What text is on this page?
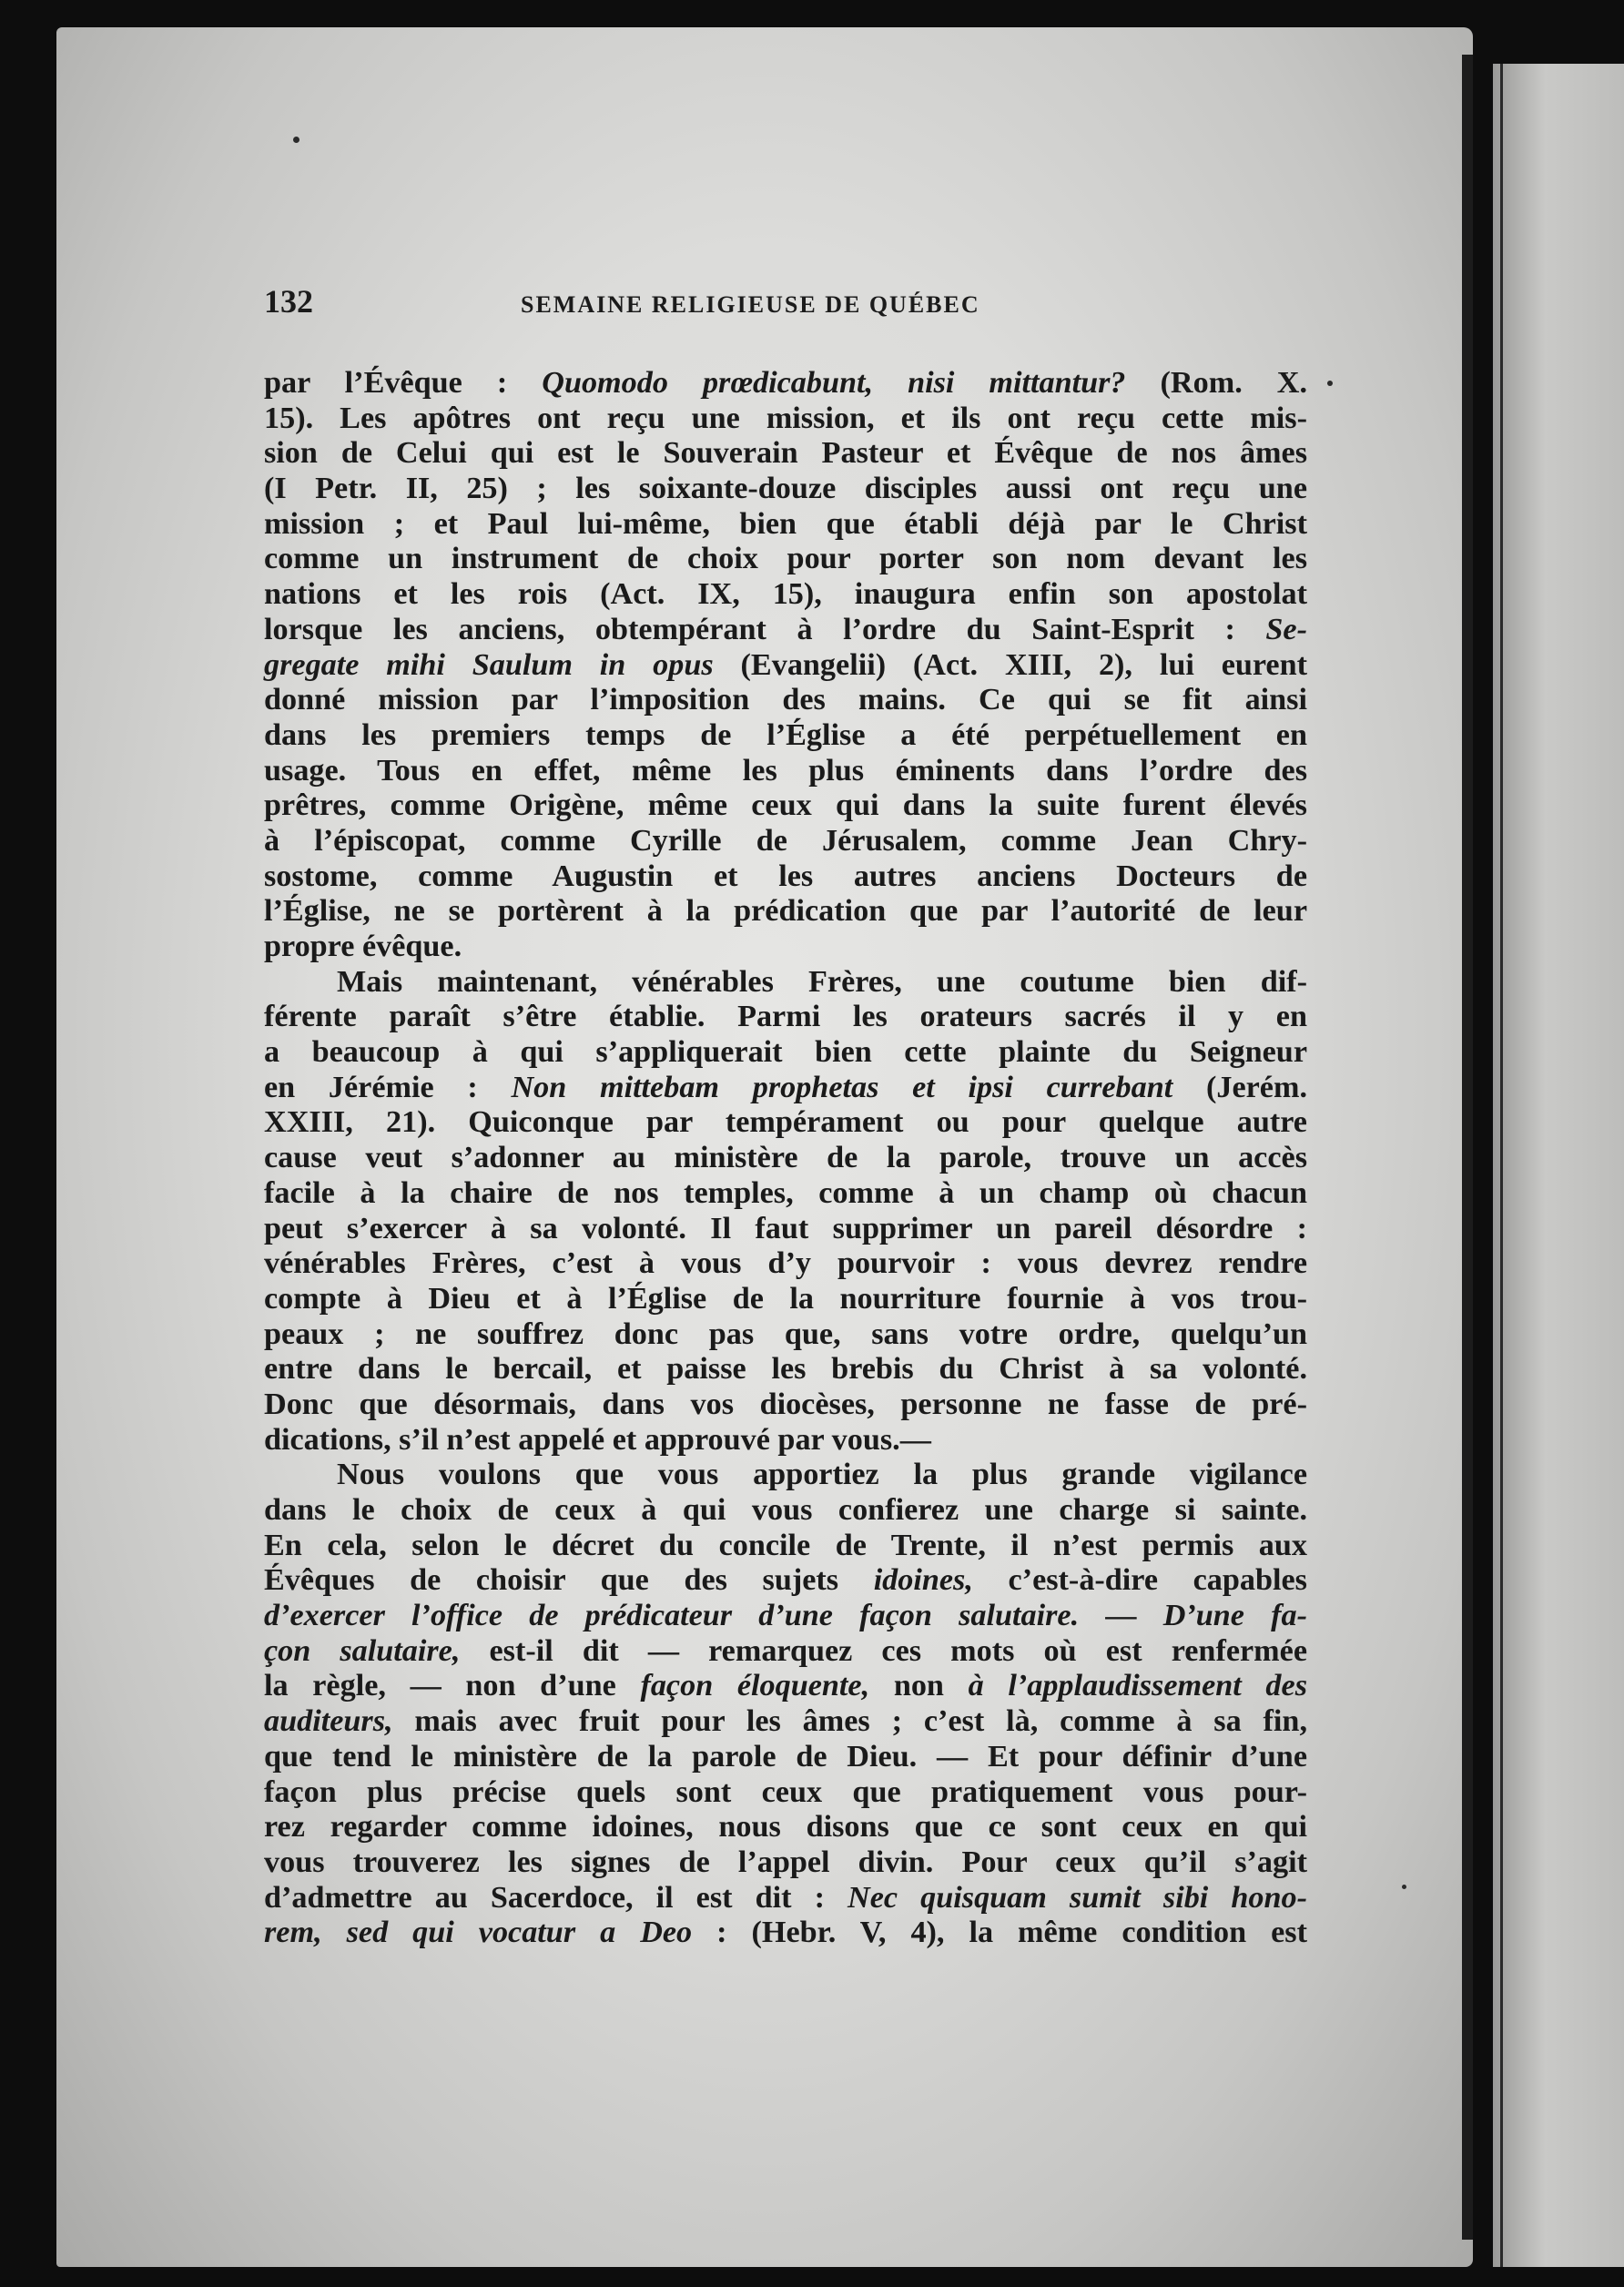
132	SEMAINE RELIGIEUSE DE QUÉBEC
par l’Évêque : Quomodo prœdicabunt, nisi mittantur? (Rom. X.
15). Les apôtres ont reçu une mission, et ils ont reçu cette mis-
sion de Celui qui est le Souverain Pasteur et Évêque de nos âmes
(I Petr. II, 25) ; les soixante-douze disciples aussi ont reçu une
mission ; et Paul lui-même, bien que établi déjà par le Christ
comme un instrument de choix pour porter son nom devant les
nations et les rois (Act. IX, 15), inaugura enfin son apostolat
lorsque les anciens, obtempérant à l’ordre du Saint-Esprit : Se-
gregate mihi Saulum in opus (Evangelii) (Act. XIII, 2), lui eurent
donné mission par l’imposition des mains. Ce qui se fit ainsi
dans les premiers temps de l’Église a été perpétuellement en
usage. Tous en effet, même les plus éminents dans l’ordre des
prêtres, comme Origène, même ceux qui dans la suite furent élevés
à l’épiscopat, comme Cyrille de Jérusalem, comme Jean Chry-
sostome, comme Augustin et les autres anciens Docteurs de
l’Église, ne se portèrent à la prédication que par l’autorité de leur
propre évêque.
Mais maintenant, vénérables Frères, une coutume bien dif-
férente paraît s’être établie. Parmi les orateurs sacrés il y en
a beaucoup à qui s’appliquerait bien cette plainte du Seigneur
en Jérémie : Non mittebam prophetas et ipsi currebant (Jerém.
XXIII, 21). Quiconque par tempérament ou pour quelque autre
cause veut s’adonner au ministère de la parole, trouve un accès
facile à la chaire de nos temples, comme à un champ où chacun
peut s’exercer à sa volonté. Il faut supprimer un pareil désordre :
vénérables Frères, c’est à vous d’y pourvoir : vous devrez rendre
compte à Dieu et à l’Église de la nourriture fournie à vos trou-
peaux ; ne souffrez donc pas que, sans votre ordre, quelqu’un
entre dans le bercail, et paisse les brebis du Christ à sa volonté.
Donc que désormais, dans vos diocèses, personne ne fasse de pré-
dications, s’il n’est appelé et approuvé par vous.—
Nous voulons que vous apportiez la plus grande vigilance
dans le choix de ceux à qui vous confierez une charge si sainte.
En cela, selon le décret du concile de Trente, il n’est permis aux
Évêques de choisir que des sujets idoines, c’est-à-dire capables
d’exercer l’office de prédicateur d’une façon salutaire. — D’une fa-
çon salutaire, est-il dit — remarquez ces mots où est renfermée
la règle, — non d’une façon éloquente, non à l’applaudissement des
auditeurs, mais avec fruit pour les âmes ; c’est là, comme à sa fin,
que tend le ministère de la parole de Dieu. — Et pour définir d’une
façon plus précise quels sont ceux que pratiquement vous pour-
rez regarder comme idoines, nous disons que ce sont ceux en qui
vous trouverez les signes de l’appel divin. Pour ceux qu’il s’agit
d’admettre au Sacerdoce, il est dit : Nec quisquam sumit sibi hono-
rem, sed qui vocatur a Deo : (Hebr. V, 4), la même condition est
